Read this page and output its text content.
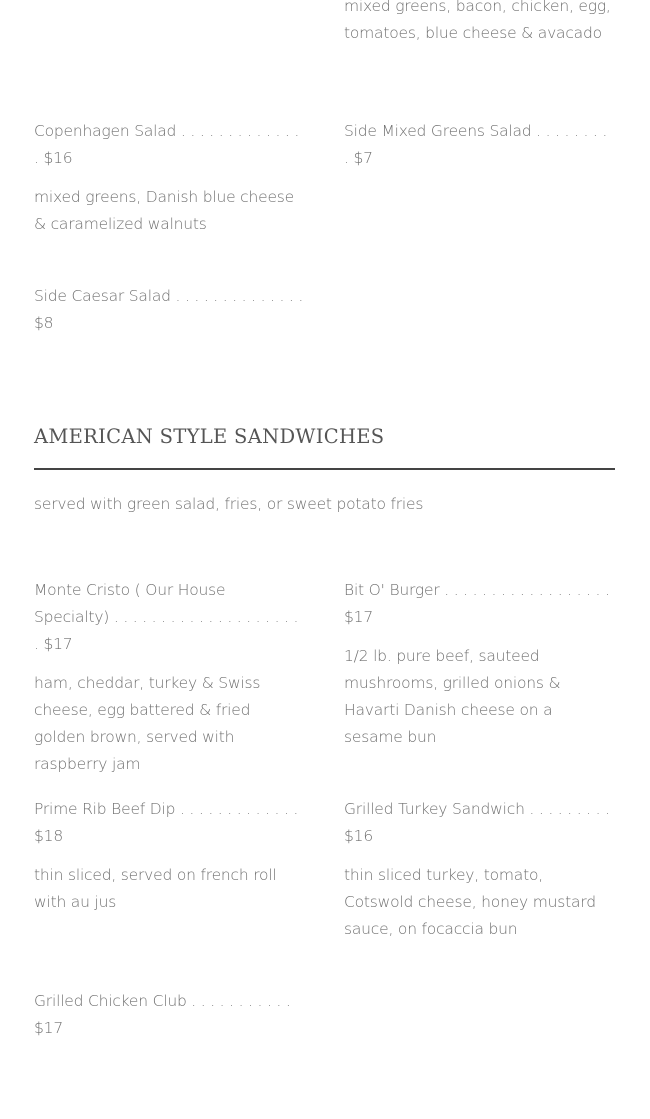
mixed greens, bacon, chicken, egg, tomatoes, blue cheese & avacado

Copenhagen Salad . . . . . . . . . . . . . . $16

mixed greens, Danish blue cheese & caramelized walnuts

Side Mixed Greens Salad . . . . . . . . . $7

Side Caesar Salad . . . . . . . . . . . . . . $8

AMERICAN STYLE SANDWICHES

served with green salad, fries, or sweet potato fries

Monte Cristo ( Our House Specialty) . . . . . . . . . . . . . . . . . . . . . $17

ham, cheddar, turkey & Swiss cheese, egg battered & fried golden brown, served with raspberry jam

Bit O' Burger . . . . . . . . . . . . . . . . . . $17

1/2 lb. pure beef, sauteed mushrooms, grilled onions & Havarti Danish cheese on a sesame bun

Prime Rib Beef Dip . . . . . . . . . . . . . $18

thin sliced, served on french roll with au jus

Grilled Turkey Sandwich . . . . . . . . . $16

thin sliced turkey, tomato, Cotswold cheese, honey mustard sauce, on focaccia bun

Grilled Chicken Club . . . . . . . . . . . $17
